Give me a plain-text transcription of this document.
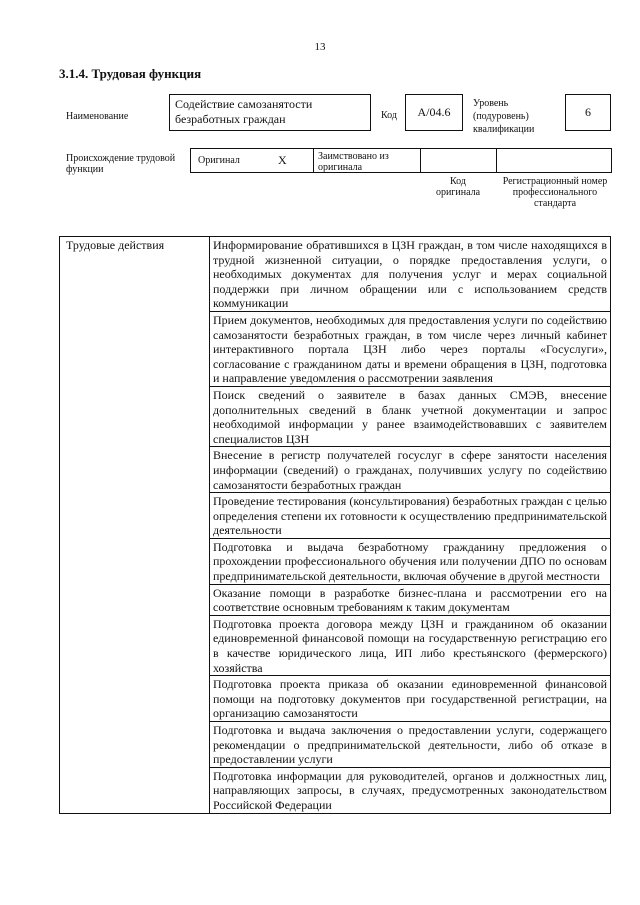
13
3.1.4. Трудовая функция
Наименование
Содействие самозанятости безработных граждан	Код	А/04.6
Уровень (подуровень) квалификации
6
Происхождение трудовой функции
Оригинал	X	Заимствовано из оригинала
Код оригинала
Регистрационный номер профессионального стандарта
Трудовые действия	Информирование обратившихся в ЦЗН граждан, в том числе находящихся в трудной жизненной ситуации, о порядке предоставления услуги, о необходимых документах для получения услуг и мерах социальной поддержки при личном обращении или с использованием средств коммуникации
Прием документов, необходимых для предоставления услуги по содействию самозанятости безработных граждан, в том числе через личный кабинет интерактивного портала ЦЗН либо через порталы «Госуслуги», согласование с гражданином даты и времени обращения в ЦЗН, подготовка и направление уведомления о рассмотрении заявления
Поиск сведений о заявителе в базах данных СМЭВ, внесение дополнительных сведений в бланк учетной документации и запрос необходимой информации у ранее взаимодействовавших с заявителем специалистов ЦЗН
Внесение в регистр получателей госуслуг в сфере занятости населения информации (сведений) о гражданах, получивших услугу по содействию самозанятости безработных граждан
Проведение тестирования (консультирования) безработных граждан с целью определения степени их готовности к осуществлению предпринимательской деятельности
Подготовка и выдача безработному гражданину предложения о прохождении профессионального обучения или получении ДПО по основам предпринимательской деятельности, включая обучение в другой местности
Оказание помощи в разработке бизнес-плана и рассмотрении его на соответствие основным требованиям к таким документам
Подготовка проекта договора между ЦЗН и гражданином об оказании единовременной финансовой помощи на государственную регистрацию его в качестве юридического лица, ИП либо крестьянского (фермерского) хозяйства
Подготовка проекта приказа об оказании единовременной финансовой помощи на подготовку документов при государственной регистрации, на организацию самозанятости
Подготовка и выдача заключения о предоставлении услуги, содержащего рекомендации о предпринимательской деятельности, либо об отказе в предоставлении услуги
Подготовка информации для руководителей, органов и должностных лиц, направляющих запросы, в случаях, предусмотренных законодательством Российской Федерации
